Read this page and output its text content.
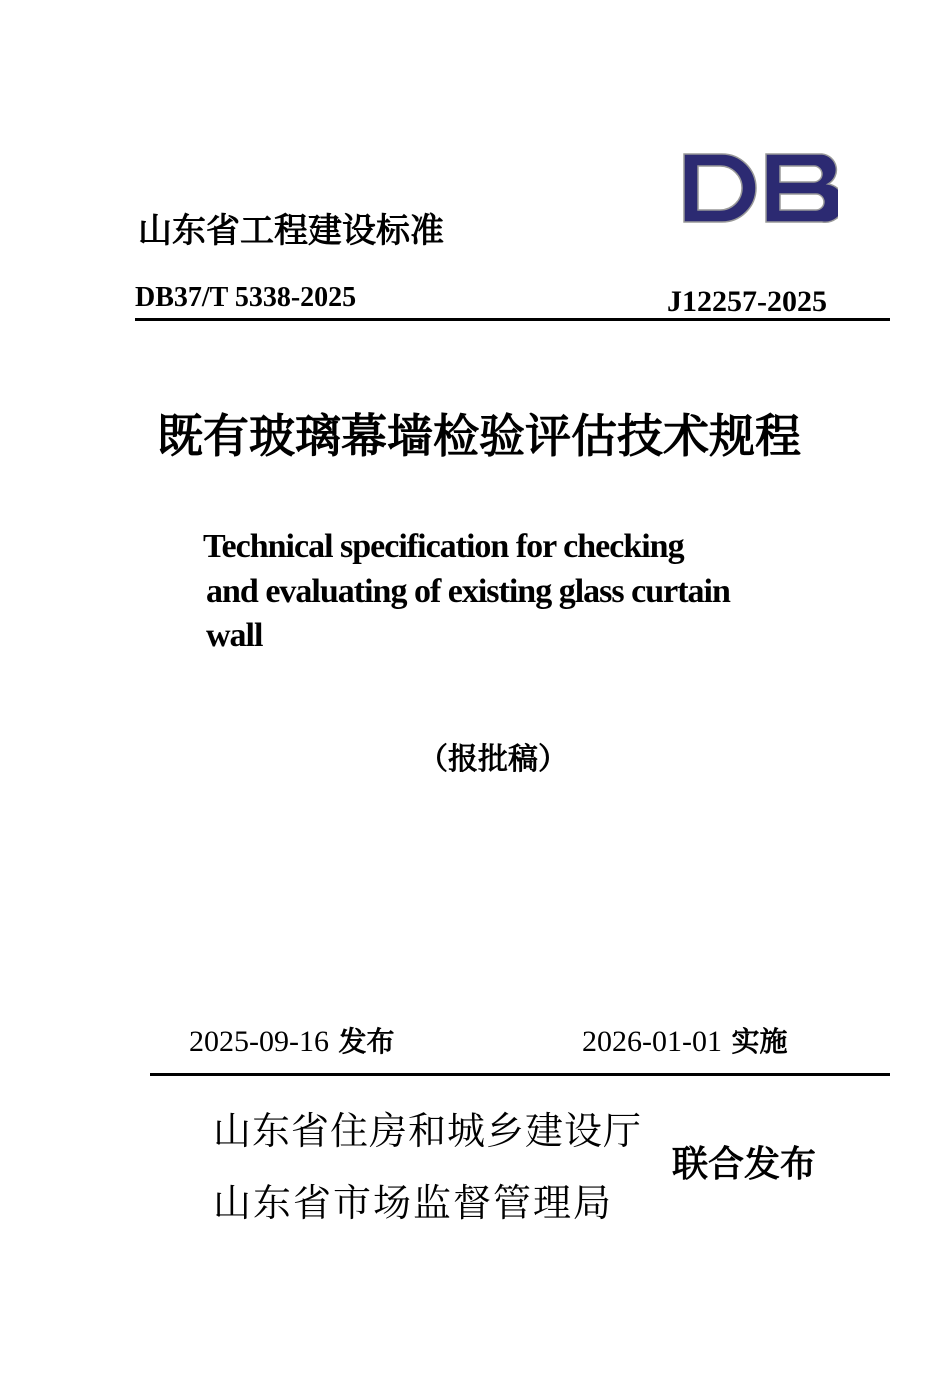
山东省工程建设标准
DB37/T 5338-2025	J12257-2025
既有玻璃幕墙检验评估技术规程
Technical specification for checking
and evaluating of existing glass curtain
wall
（报批稿）
2025-09-16 发布	2026-01-01 实施
山东省住房和城乡建设厅
山东省市场监督管理局
联合发布
